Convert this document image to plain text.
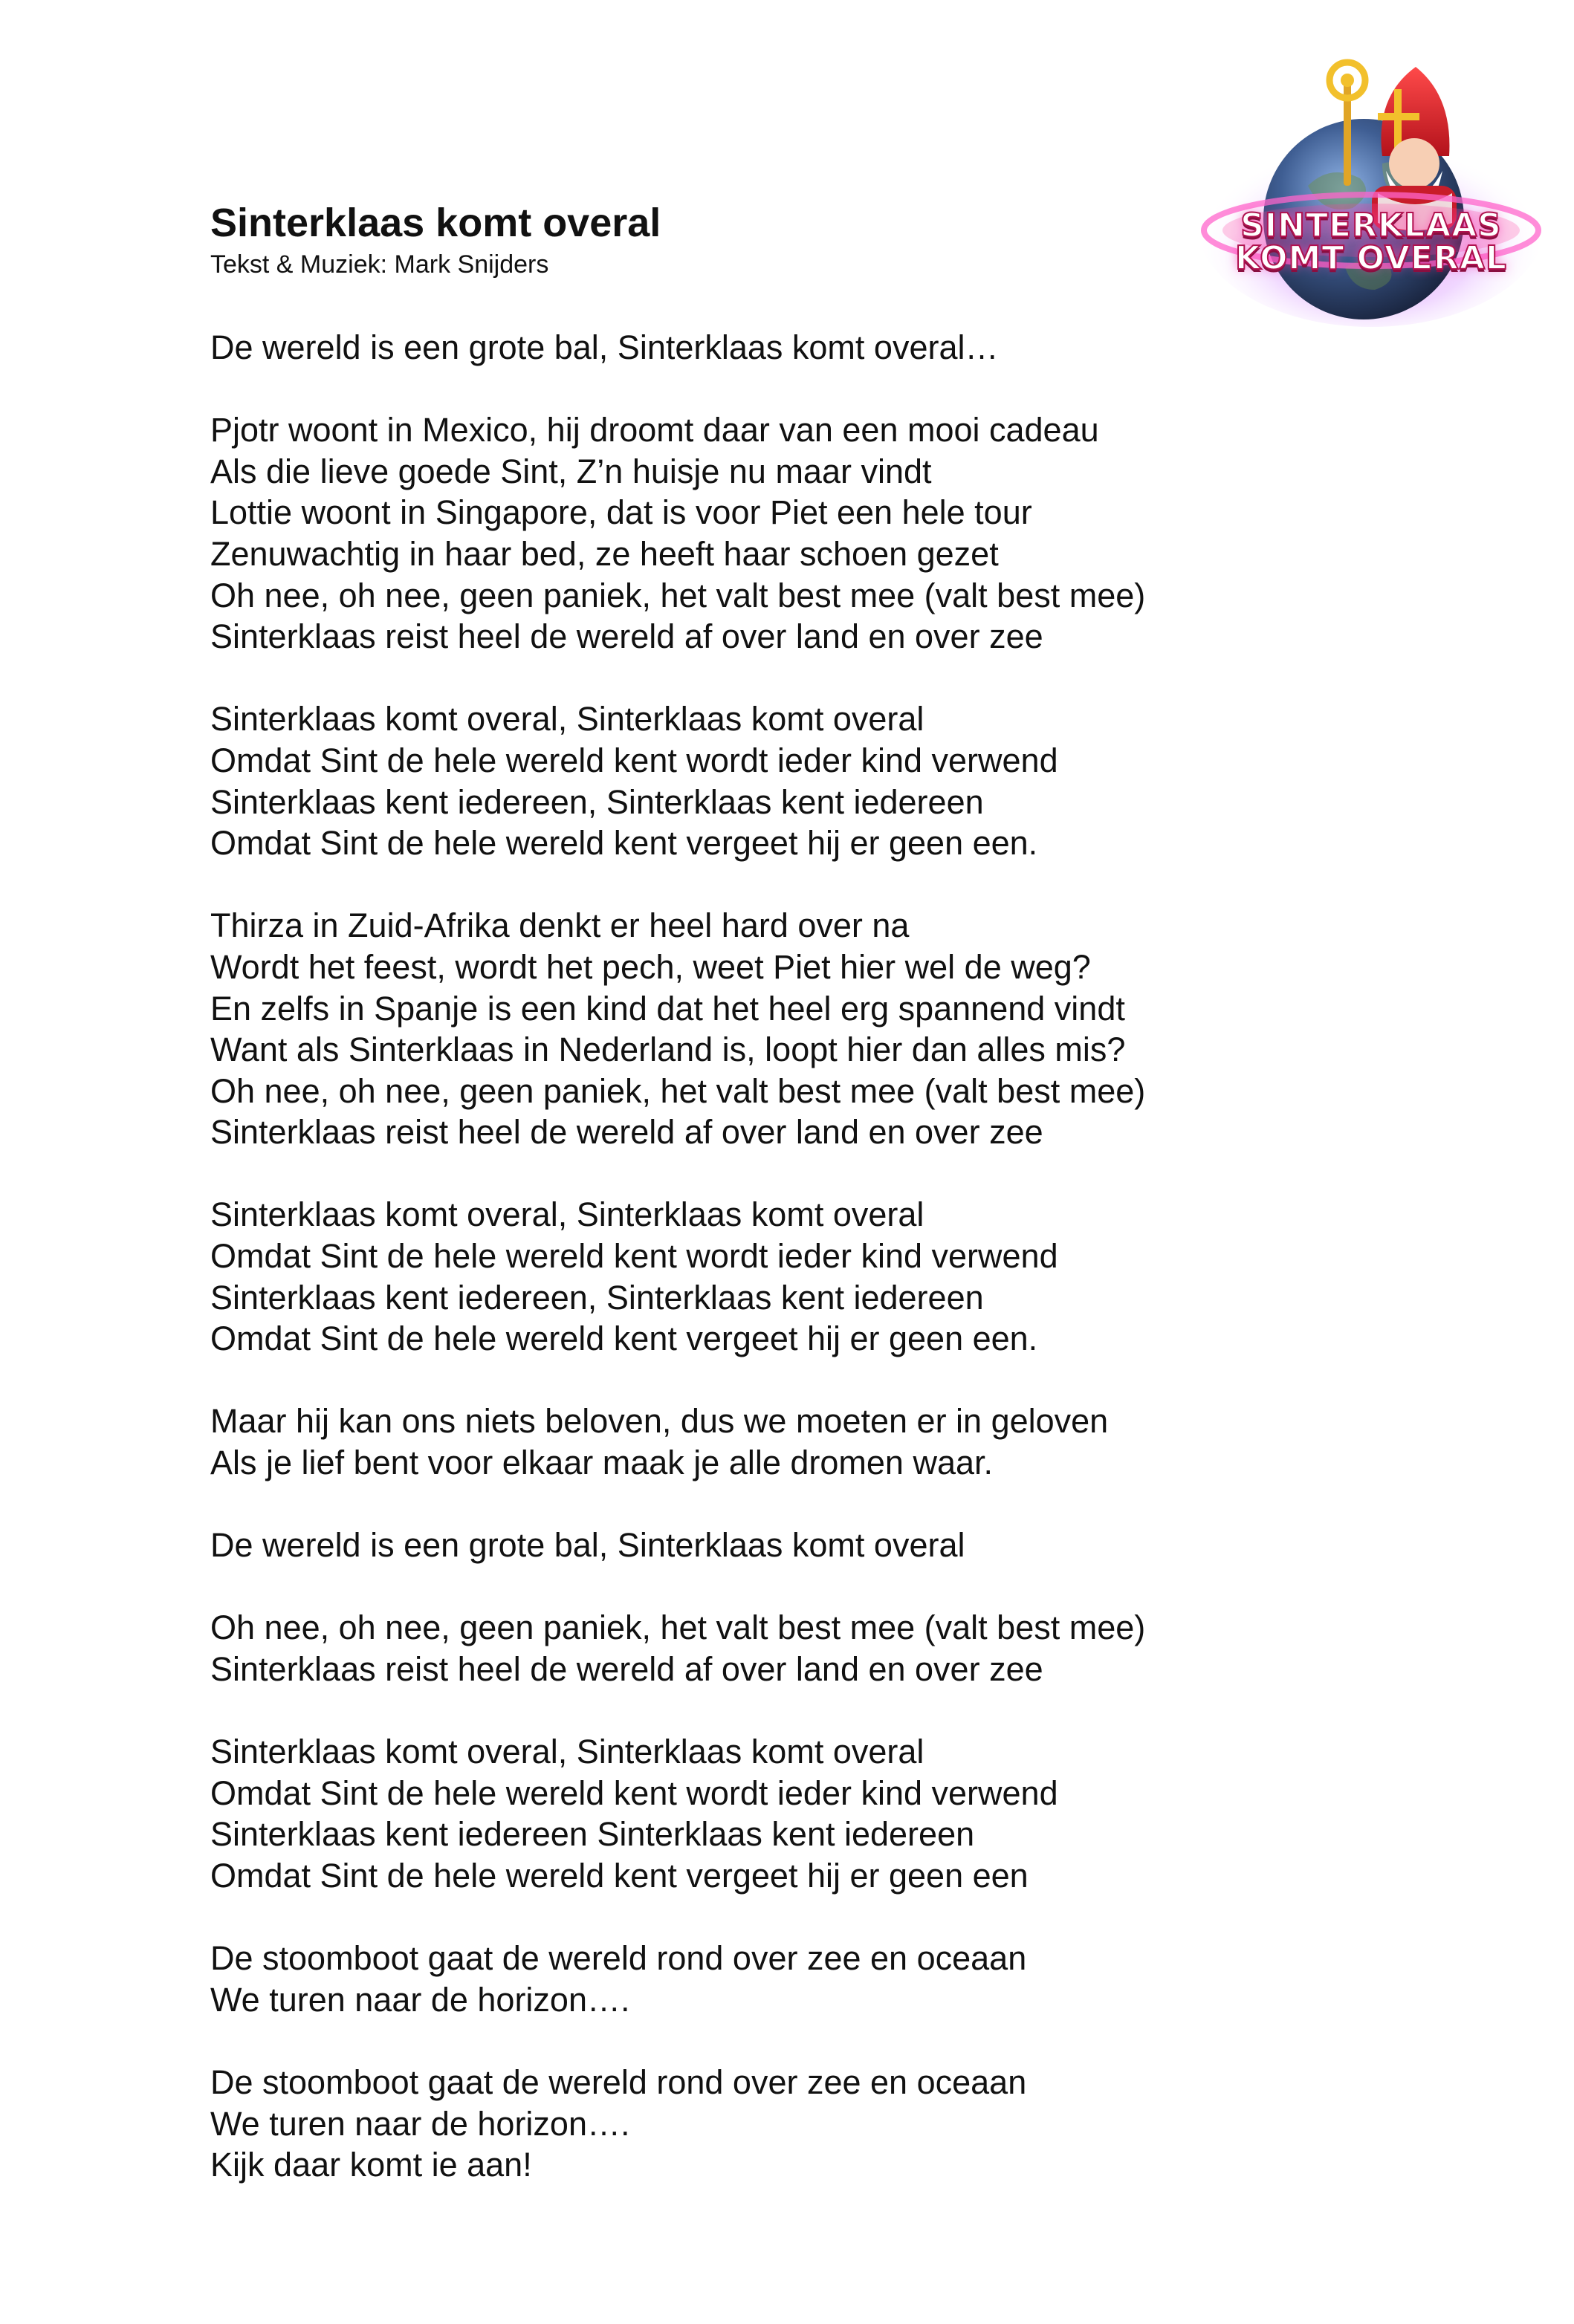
SINTERKLAAS
KOMT OVERAL
Sinterklaas komt overal
Tekst & Muziek: Mark Snijders
De wereld is een grote bal, Sinterklaas komt overal…
Pjotr woont in Mexico, hij droomt daar van een mooi cadeau
Als die lieve goede Sint, Z’n huisje nu maar vindt
Lottie woont in Singapore, dat is voor Piet een hele tour
Zenuwachtig in haar bed, ze heeft haar schoen gezet
Oh nee, oh nee, geen paniek, het valt best mee (valt best mee)
Sinterklaas reist heel de wereld af over land en over zee
Sinterklaas komt overal, Sinterklaas komt overal
Omdat Sint de hele wereld kent wordt ieder kind verwend
Sinterklaas kent iedereen, Sinterklaas kent iedereen
Omdat Sint de hele wereld kent vergeet hij er geen een.
Thirza in Zuid-Afrika denkt er heel hard over na
Wordt het feest, wordt het pech, weet Piet hier wel de weg?
En zelfs in Spanje is een kind dat het heel erg spannend vindt
Want als Sinterklaas in Nederland is, loopt hier dan alles mis?
Oh nee, oh nee, geen paniek, het valt best mee (valt best mee)
Sinterklaas reist heel de wereld af over land en over zee
Sinterklaas komt overal, Sinterklaas komt overal
Omdat Sint de hele wereld kent wordt ieder kind verwend
Sinterklaas kent iedereen, Sinterklaas kent iedereen
Omdat Sint de hele wereld kent vergeet hij er geen een.
Maar hij kan ons niets beloven, dus we moeten er in geloven
Als je lief bent voor elkaar maak je alle dromen waar.
De wereld is een grote bal, Sinterklaas komt overal
Oh nee, oh nee, geen paniek, het valt best mee (valt best mee)
Sinterklaas reist heel de wereld af over land en over zee
Sinterklaas komt overal, Sinterklaas komt overal
Omdat Sint de hele wereld kent wordt ieder kind verwend
Sinterklaas kent iedereen Sinterklaas kent iedereen
Omdat Sint de hele wereld kent vergeet hij er geen een
De stoomboot gaat de wereld rond over zee en oceaan
We turen naar de horizon….
De stoomboot gaat de wereld rond over zee en oceaan
We turen naar de horizon….
Kijk daar komt ie aan!
